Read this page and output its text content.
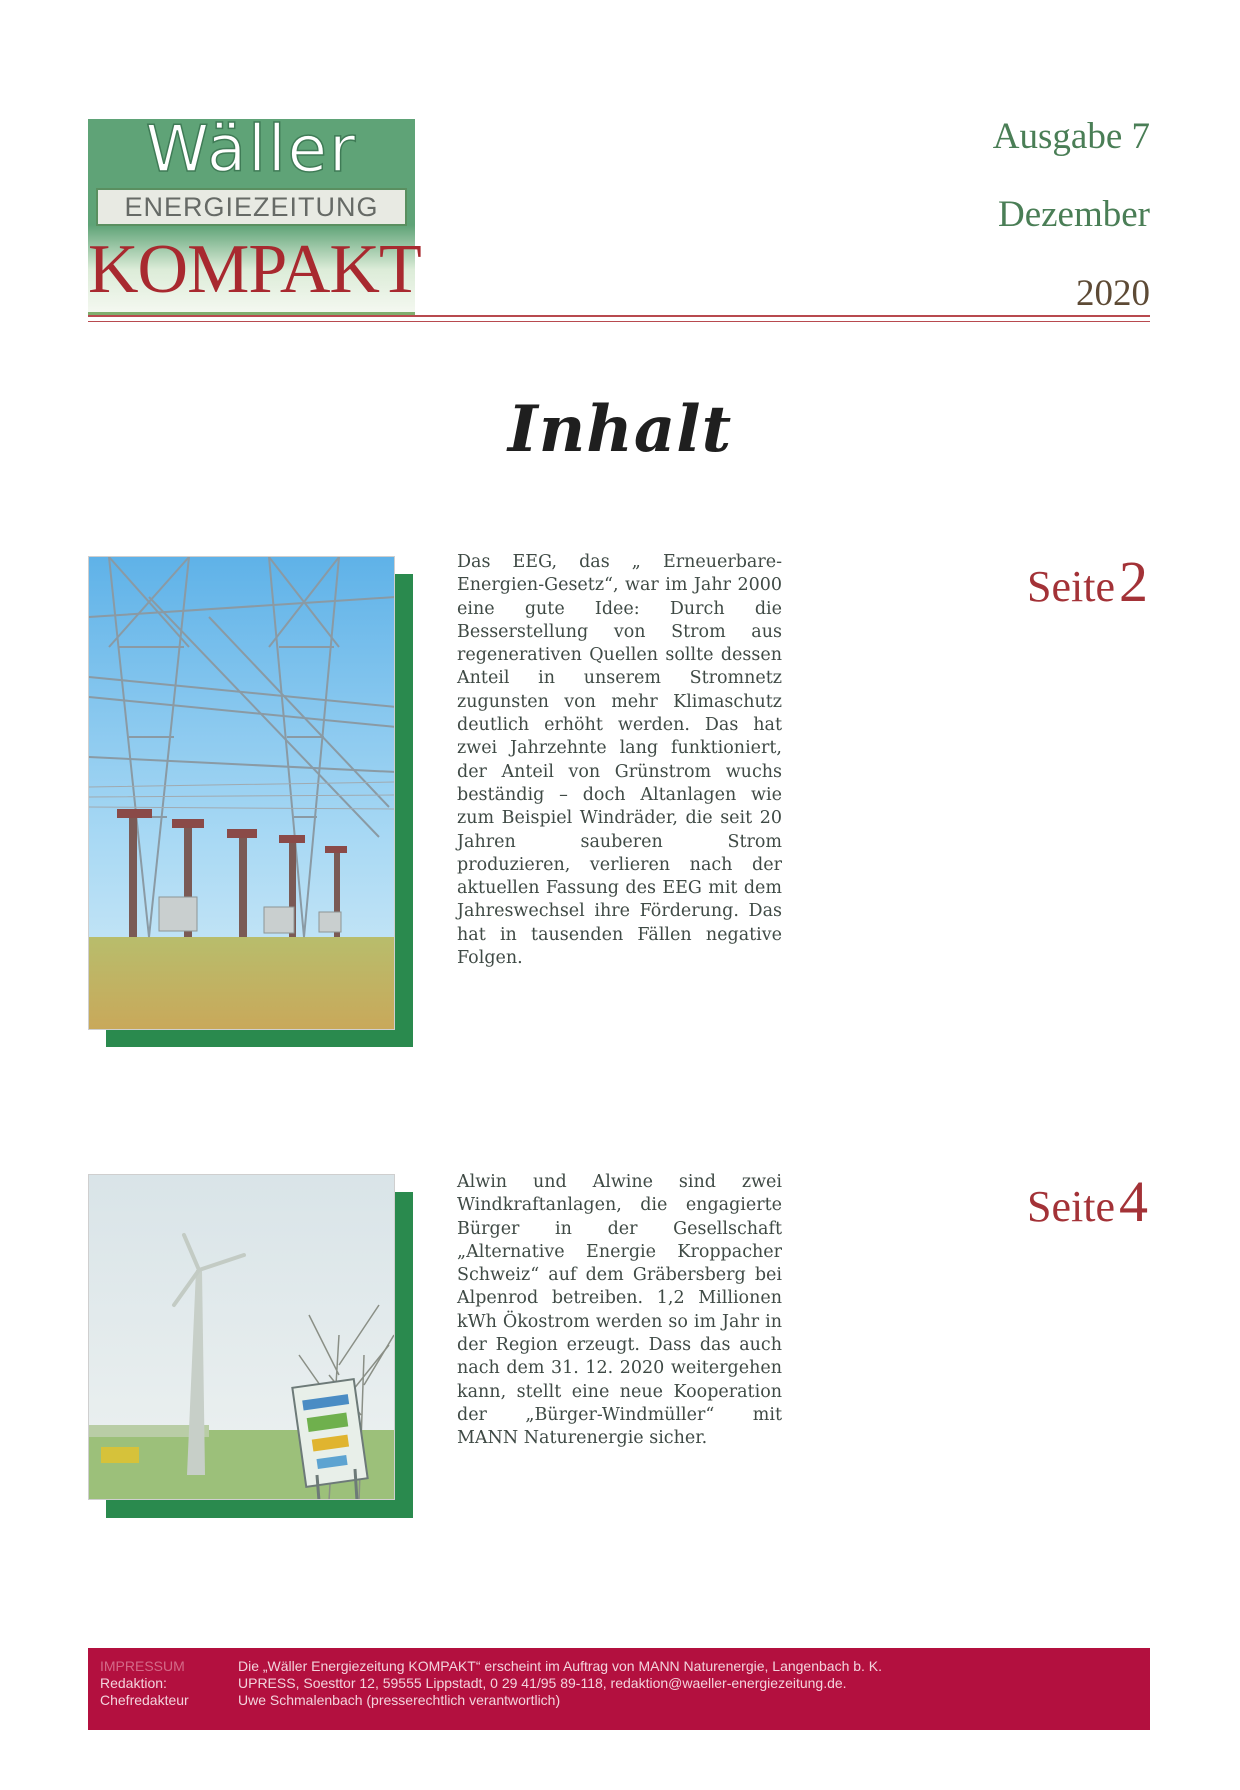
Wäller
ENERGIEZEITUNG
KOMPAKT
Ausgabe 7
Dezember
2020
Inhalt
Das EEG, das „ Erneuerbare-Energien-Gesetz“, war im Jahr 2000 eine gute Idee: Durch die Besserstellung von Strom aus regenerativen Quellen sollte dessen Anteil in unserem Stromnetz zugunsten von mehr Klimaschutz deutlich erhöht werden. Das hat zwei Jahrzehnte lang funktioniert, der Anteil von Grünstrom wuchs beständig – doch Altanlagen wie zum Beispiel Windräder, die seit 20 Jahren sauberen Strom produzieren, verlieren nach der aktuellen Fassung des EEG mit dem Jahreswechsel ihre Förderung. Das hat in tausenden Fällen negative Folgen.
Seite 2
Alwin und Alwine sind zwei Windkraftanlagen, die engagierte Bürger in der Gesellschaft „Alternative Energie Kroppacher Schweiz“ auf dem Gräbersberg bei Alpenrod betreiben. 1,2 Millionen kWh Ökostrom werden so im Jahr in der Region erzeugt. Dass das auch nach dem 31. 12. 2020 weitergehen kann, stellt eine neue Kooperation der „Bürger-Windmüller“ mit MANN Naturenergie sicher.
Seite 4
IMPRESSUM
Redaktion:
Chefredakteur
Die „Wäller Energiezeitung KOMPAKT“ erscheint im Auftrag von MANN Naturenergie, Langenbach b. K.
UPRESS, Soesttor 12, 59555 Lippstadt, 0 29 41/95 89-118, redaktion@waeller-energiezeitung.de.
Uwe Schmalenbach (presserechtlich verantwortlich)
